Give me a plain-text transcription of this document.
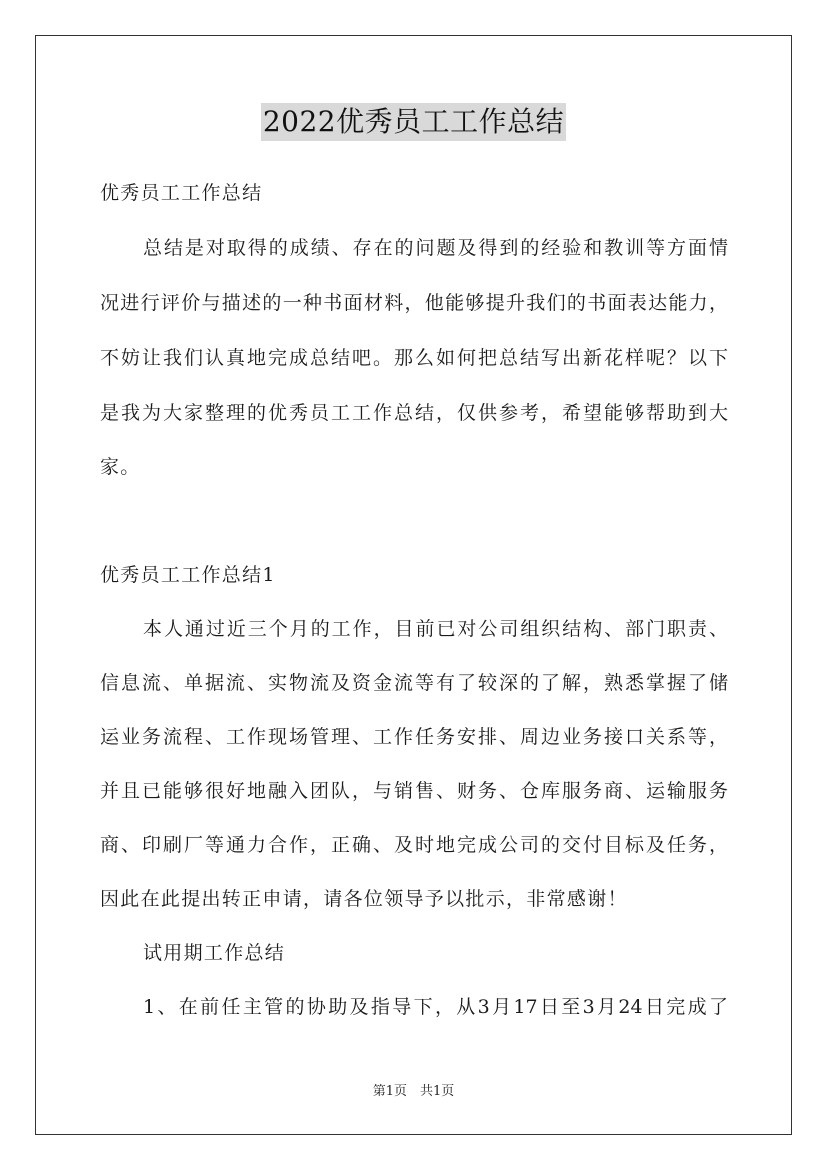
2022优秀员工工作总结
优秀员工工作总结
总结是对取得的成绩、存在的问题及得到的经验和教训等方面情
况进行评价与描述的一种书面材料，他能够提升我们的书面表达能力，
不妨让我们认真地完成总结吧。那么如何把总结写出新花样呢？以下
是我为大家整理的优秀员工工作总结，仅供参考，希望能够帮助到大
家。
优秀员工工作总结1
本人通过近三个月的工作，目前已对公司组织结构、部门职责、
信息流、单据流、实物流及资金流等有了较深的了解，熟悉掌握了储
运业务流程、工作现场管理、工作任务安排、周边业务接口关系等，
并且已能够很好地融入团队，与销售、财务、仓库服务商、运输服务
商、印刷厂等通力合作，正确、及时地完成公司的交付目标及任务，
因此在此提出转正申请，请各位领导予以批示，非常感谢！
试用期工作总结
1、在前任主管的协助及指导下，从3月17日至3月24日完成了
第1页　共1页
